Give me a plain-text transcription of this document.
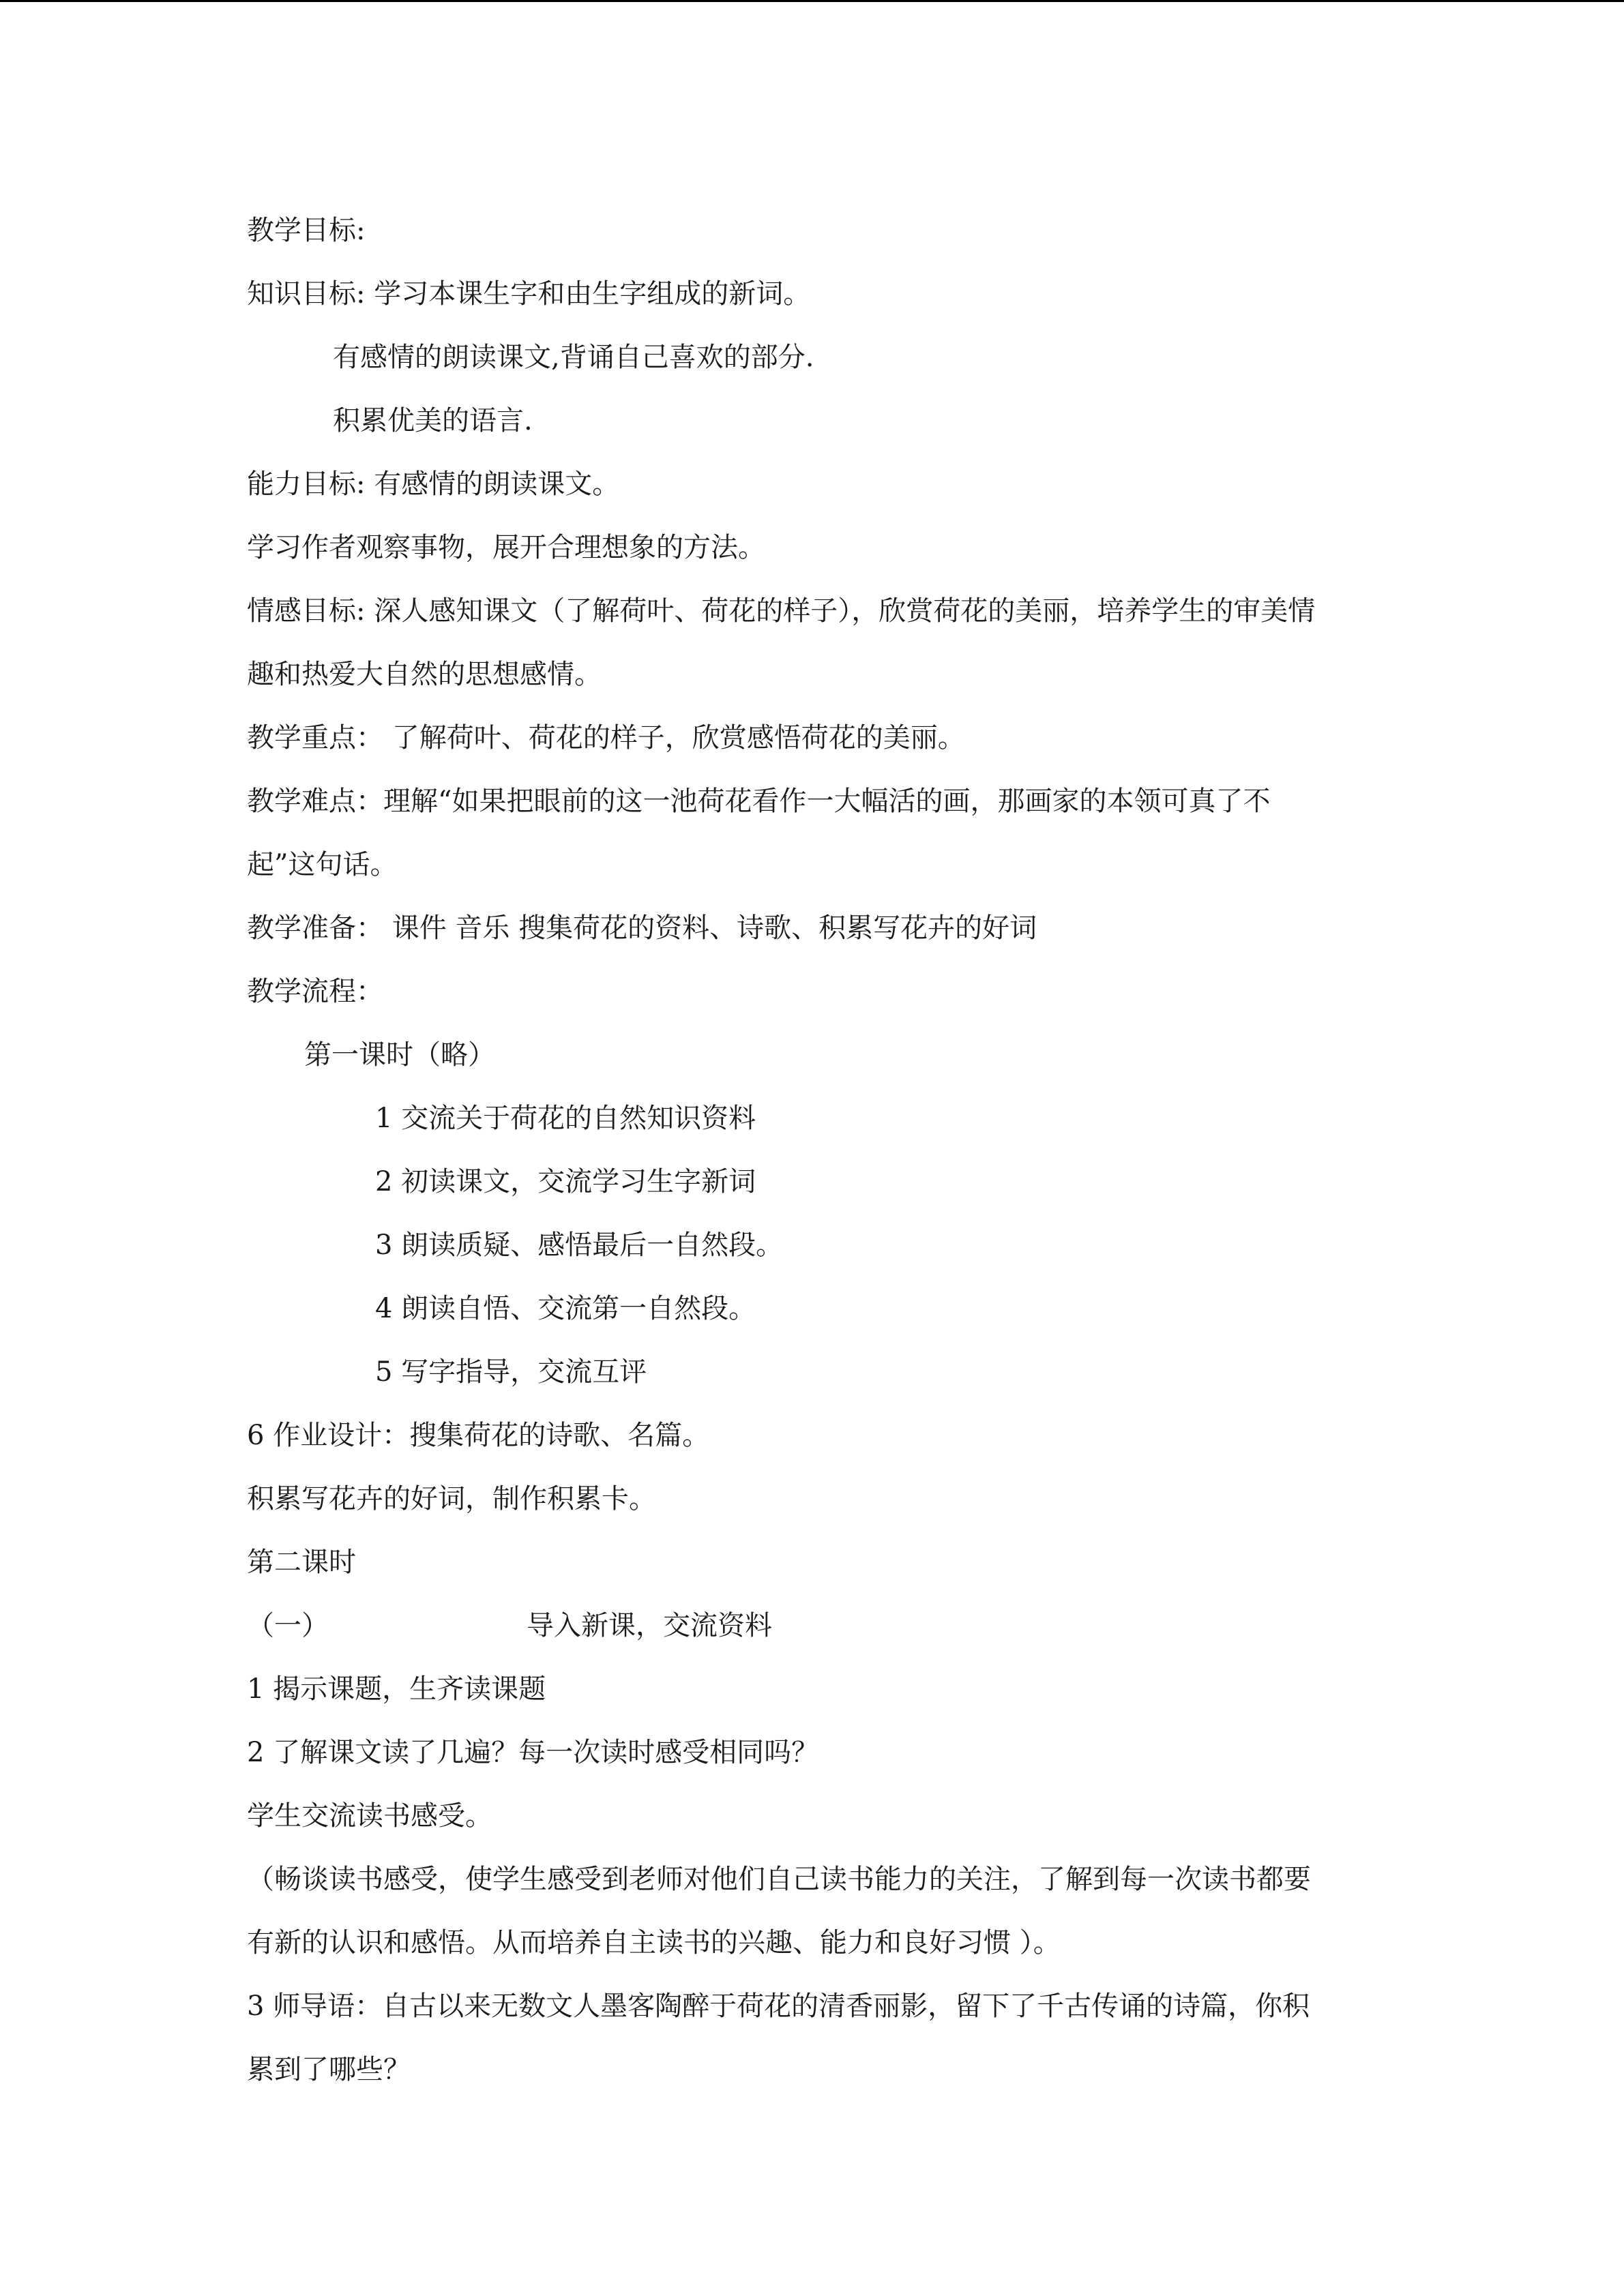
教学目标:
知识目标: 学习本课生字和由生字组成的新词。
有感情的朗读课文,背诵自己喜欢的部分.
积累优美的语言.
能力目标: 有感情的朗读课文。
学习作者观察事物，展开合理想象的方法。
情感目标: 深人感知课文（了解荷叶、荷花的样子），欣赏荷花的美丽，培养学生的审美情
趣和热爱大自然的思想感情。
教学重点： 了解荷叶、荷花的样子，欣赏感悟荷花的美丽。
教学难点：理解“如果把眼前的这一池荷花看作一大幅活的画，那画家的本领可真了不
起”这句话。
教学准备： 课件 音乐 搜集荷花的资料、诗歌、积累写花卉的好词
教学流程：
第一课时（略）
1 交流关于荷花的自然知识资料
2 初读课文，交流学习生字新词
3 朗读质疑、感悟最后一自然段。
4 朗读自悟、交流第一自然段。
5 写字指导，交流互评
6 作业设计：搜集荷花的诗歌、名篇。
积累写花卉的好词，制作积累卡。
第二课时
（一）	导入新课，交流资料
1 揭示课题，生齐读课题
2 了解课文读了几遍？每一次读时感受相同吗？
学生交流读书感受。
（畅谈读书感受，使学生感受到老师对他们自己读书能力的关注，了解到每一次读书都要
有新的认识和感悟。从而培养自主读书的兴趣、能力和良好习惯 ）。
3 师导语：自古以来无数文人墨客陶醉于荷花的清香丽影，留下了千古传诵的诗篇，你积
累到了哪些？
